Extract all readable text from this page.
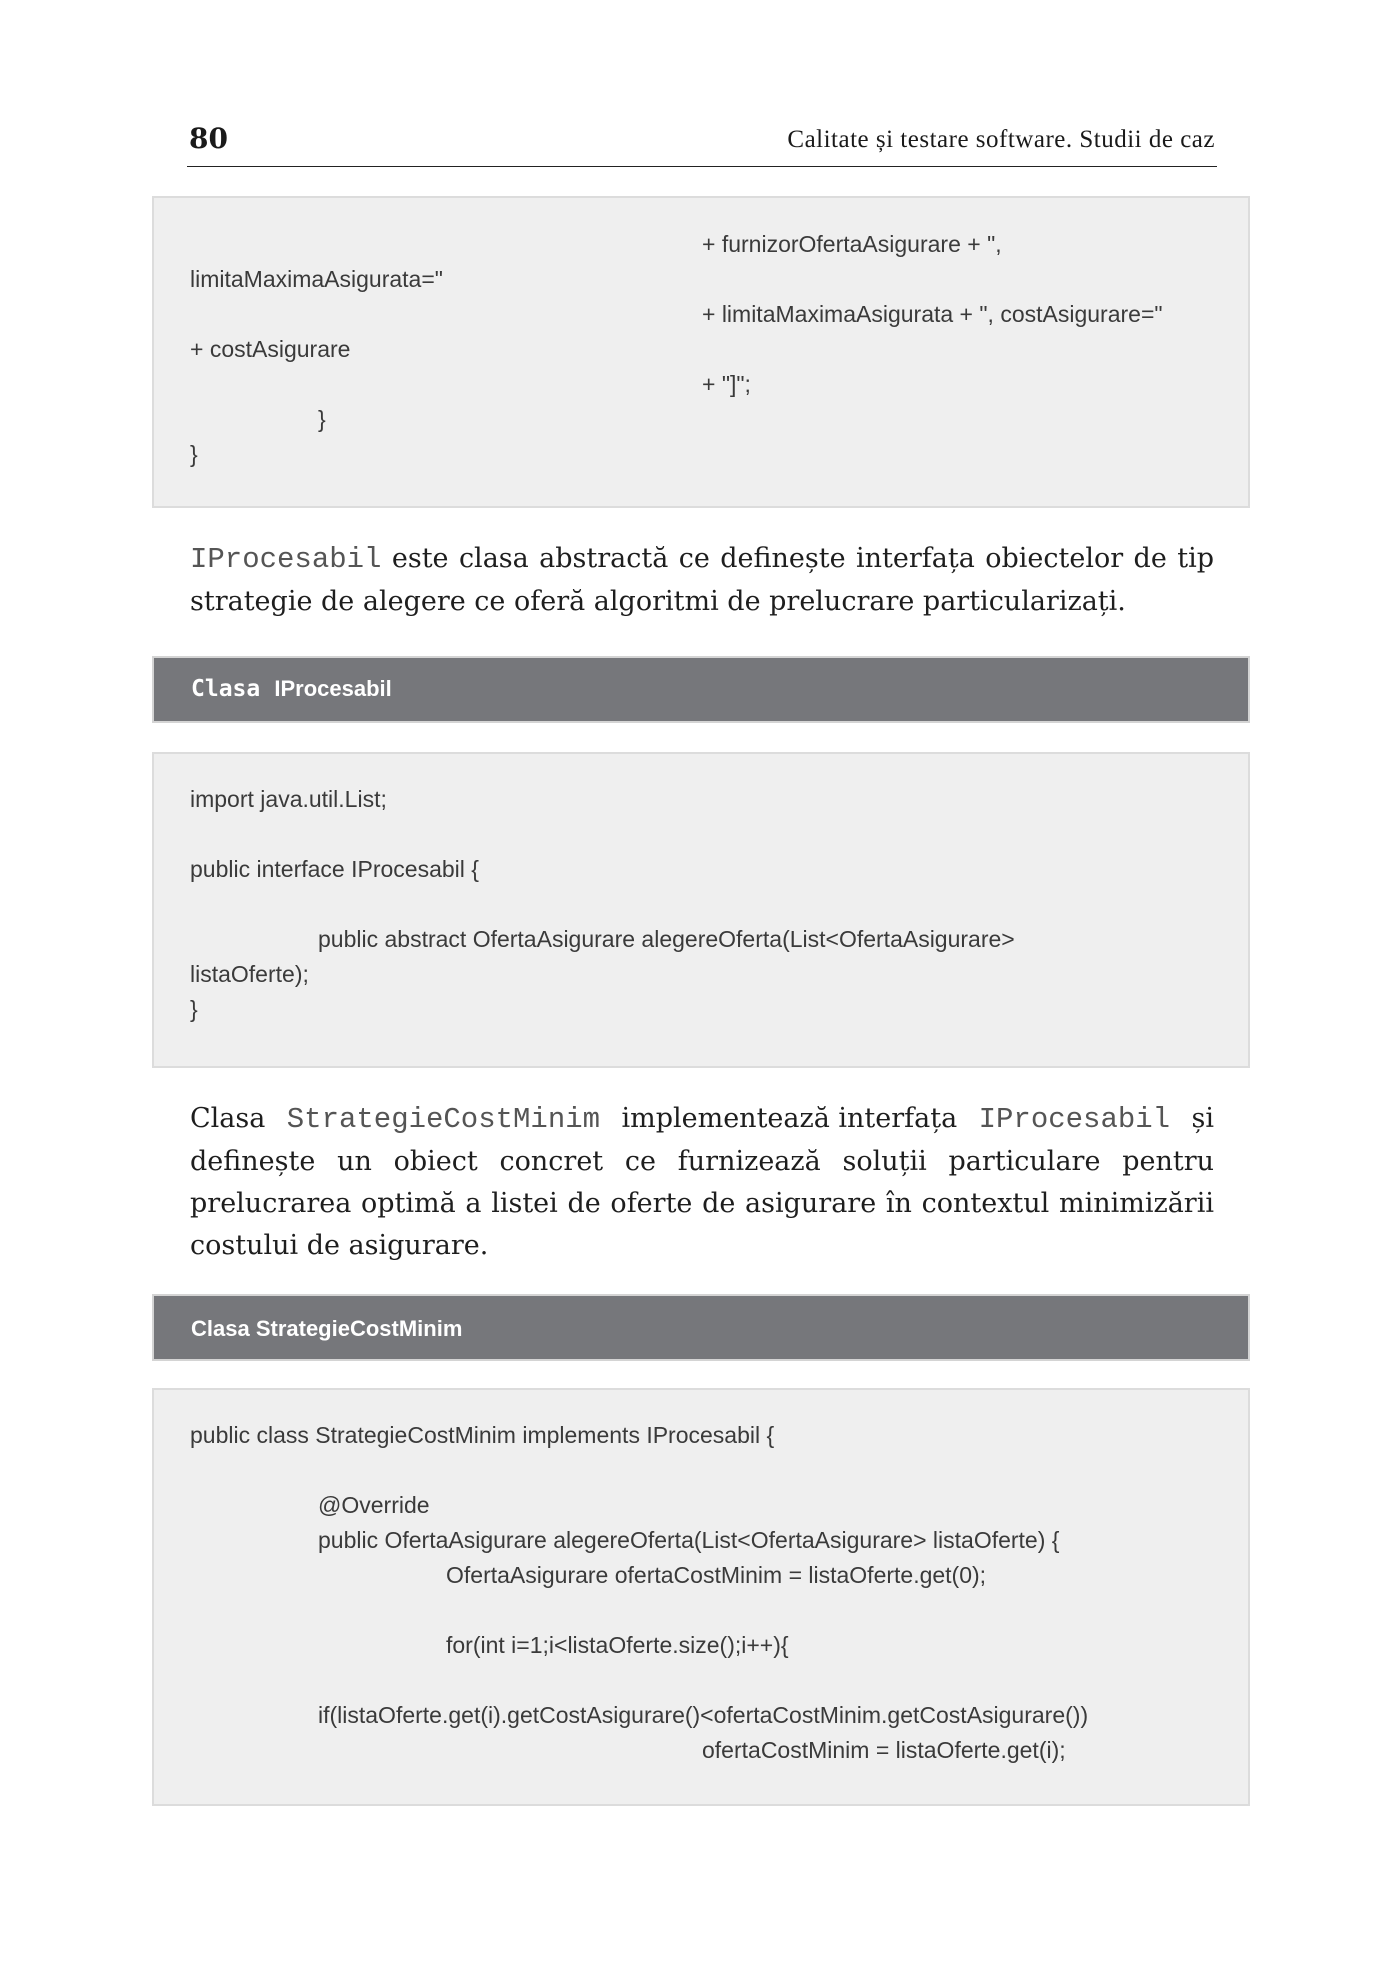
80	Calitate și testare software. Studii de caz
+ furnizorOfertaAsigurare + ",
limitaMaximaAsigurata="
+ limitaMaximaAsigurata + ", costAsigurare="
+ costAsigurare
+ "]";
}
}
IProcesabil este clasa abstractă ce definește interfața obiectelor de tip
strategie de alegere ce oferă algoritmi de prelucrare particularizați.
Clasa IProcesabil
import java.util.List;
public interface IProcesabil {
public abstract OfertaAsigurare alegereOferta(List<OfertaAsigurare>
listaOferte);
}
Clasa StrategieCostMinim implementează interfața IProcesabil și
definește un obiect concret ce furnizează soluții particulare pentru
prelucrarea optimă a listei de oferte de asigurare în contextul minimizării
costului de asigurare.
Clasa StrategieCostMinim
public class StrategieCostMinim implements IProcesabil {
@Override
public OfertaAsigurare alegereOferta(List<OfertaAsigurare> listaOferte) {
OfertaAsigurare ofertaCostMinim = listaOferte.get(0);
for(int i=1;i<listaOferte.size();i++){
if(listaOferte.get(i).getCostAsigurare()<ofertaCostMinim.getCostAsigurare())
ofertaCostMinim = listaOferte.get(i);
